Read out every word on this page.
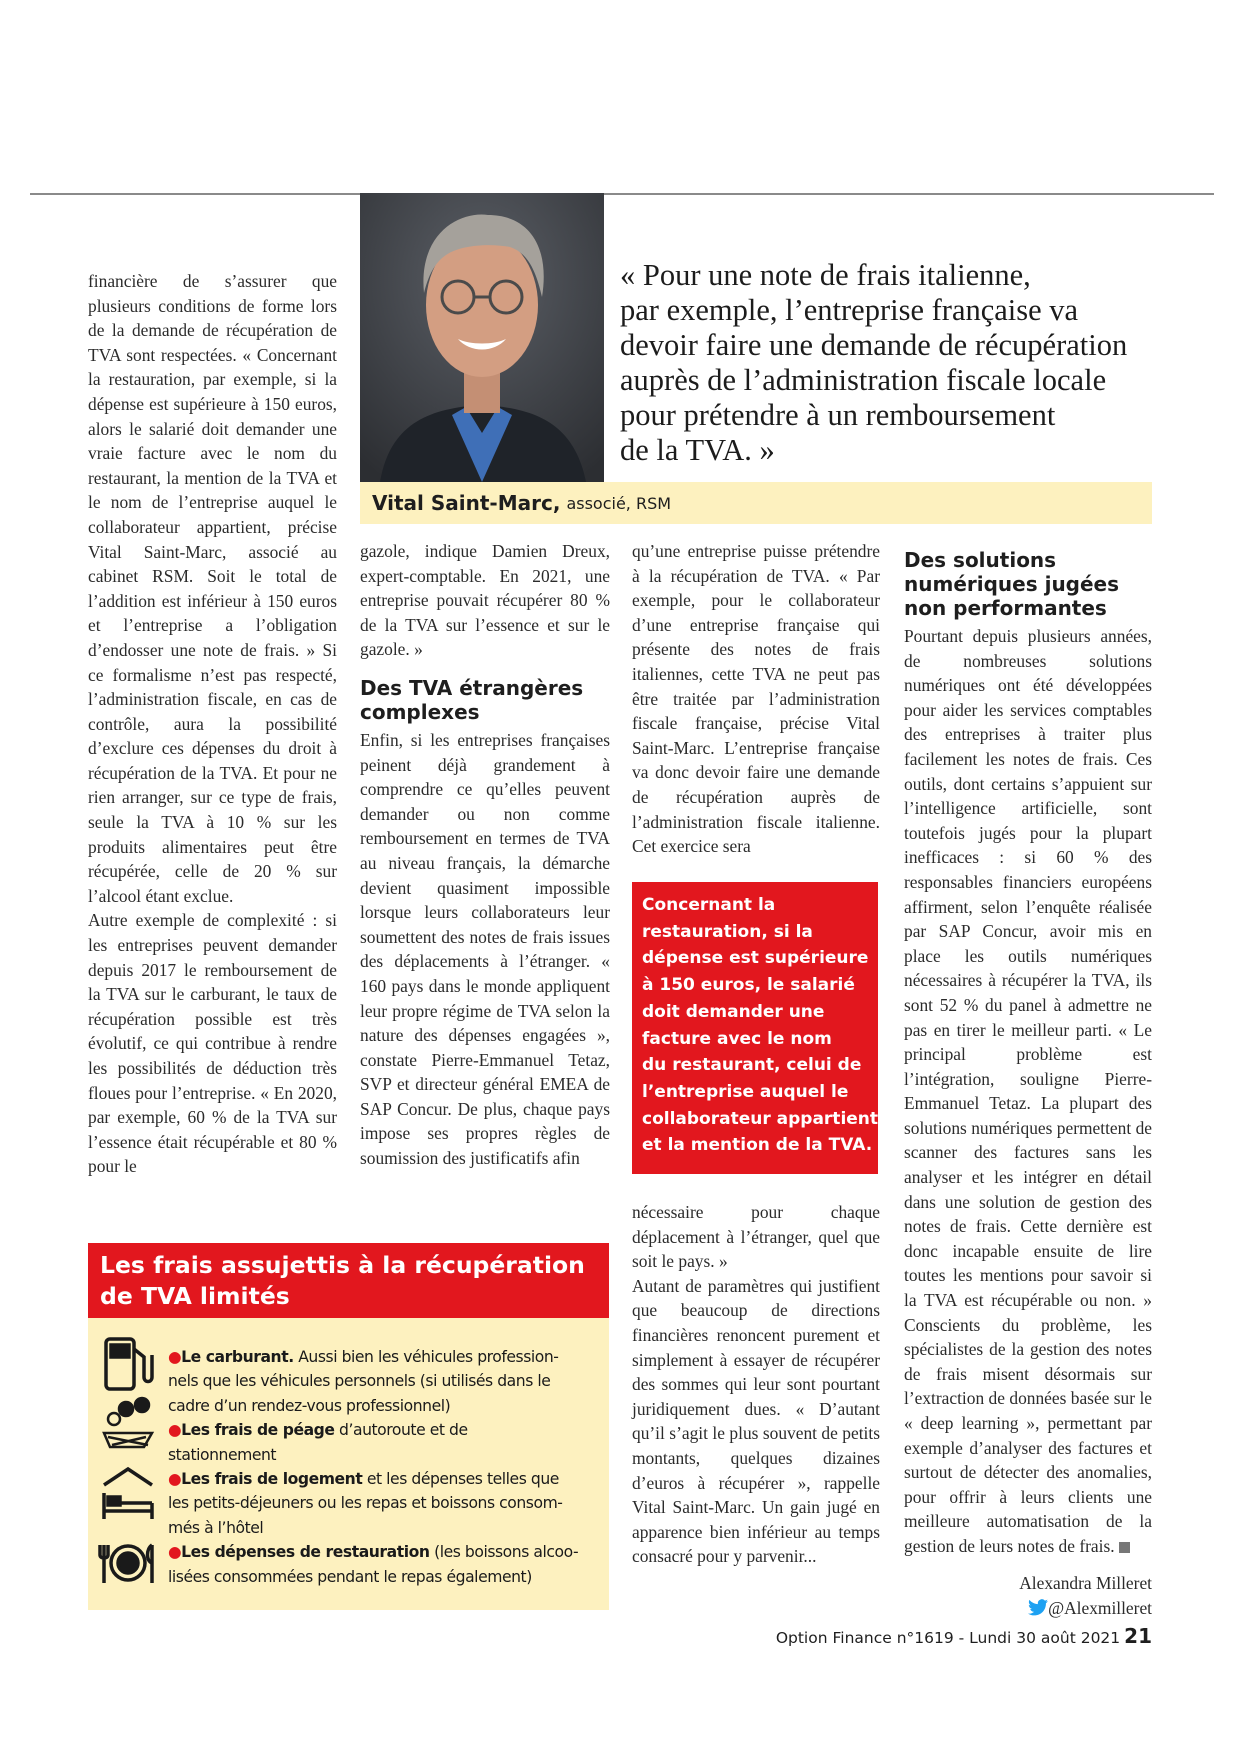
financière de s’assurer que plusieurs conditions de forme lors de la demande de récupération de TVA sont respectées. « Concernant la restauration, par exemple, si la dépense est supérieure à 150 euros, alors le salarié doit demander une vraie facture avec le nom du restaurant, la mention de la TVA et le nom de l’entreprise auquel le collaborateur appartient, précise Vital Saint-Marc, associé au cabinet RSM. Soit le total de l’addition est inférieur à 150 euros et l’entreprise a l’obligation d’endosser une note de frais. » Si ce formalisme n’est pas respecté, l’administration fiscale, en cas de contrôle, aura la possibilité d’exclure ces dépenses du droit à récupération de la TVA. Et pour ne rien arranger, sur ce type de frais, seule la TVA à 10 % sur les produits alimentaires peut être récupérée, celle de 20 % sur l’alcool étant exclue.

Autre exemple de complexité : si les entreprises peuvent demander depuis 2017 le remboursement de la TVA sur le carburant, le taux de récupération possible est très évolutif, ce qui contribue à rendre les possibilités de déduction très floues pour l’entreprise. « En 2020, par exemple, 60 % de la TVA sur l’essence était récupérable et 80 % pour le

« Pour une note de frais italienne,
par exemple, l’entreprise française va
devoir faire une demande de récupération
auprès de l’administration fiscale locale
pour prétendre à un remboursement
de la TVA. »
Vital Saint-Marc, associé, RSM

gazole, indique Damien Dreux, expert-comptable. En 2021, une entreprise pouvait récupérer 80 % de la TVA sur l’essence et sur le gazole. »

Des TVA étrangères complexes

Enfin, si les entreprises françaises peinent déjà grandement à comprendre ce qu’elles peuvent demander ou non comme remboursement en termes de TVA au niveau français, la démarche devient quasiment impossible lorsque leurs collaborateurs leur soumettent des notes de frais issues des déplacements à l’étranger. « 160 pays dans le monde appliquent leur propre régime de TVA selon la nature des dépenses engagées », constate Pierre-Emmanuel Tetaz, SVP et directeur général EMEA de SAP Concur. De plus, chaque pays impose ses propres règles de soumission des justificatifs afin

qu’une entreprise puisse prétendre à la récupération de TVA. « Par exemple, pour le collaborateur d’une entreprise française qui présente des notes de frais italiennes, cette TVA ne peut pas être traitée par l’administration fiscale française, précise Vital Saint-Marc. L’entreprise française va donc devoir faire une demande de récupération auprès de l’administration fiscale italienne. Cet exercice sera

Concernant la
restauration, si la
dépense est supérieure
à 150 euros, le salarié
doit demander une
facture avec le nom
du restaurant, celui de
l’entreprise auquel le
collaborateur appartient
et la mention de la TVA.

nécessaire pour chaque déplacement à l’étranger, quel que soit le pays. »

Autant de paramètres qui justifient que beaucoup de directions financières renoncent purement et simplement à essayer de récupérer des sommes qui leur sont pourtant juridiquement dues. « D’autant qu’il s’agit le plus souvent de petits montants, quelques dizaines d’euros à récupérer », rappelle Vital Saint-Marc. Un gain jugé en apparence bien inférieur au temps consacré pour y parvenir...

Des solutions numériques jugées non performantes

Pourtant depuis plusieurs années, de nombreuses solutions numériques ont été développées pour aider les services comptables des entreprises à traiter plus facilement les notes de frais. Ces outils, dont certains s’appuient sur l’intelligence artificielle, sont toutefois jugés pour la plupart inefficaces : si 60 % des responsables financiers européens affirment, selon l’enquête réalisée par SAP Concur, avoir mis en place les outils numériques nécessaires à récupérer la TVA, ils sont 52 % du panel à admettre ne pas en tirer le meilleur parti. « Le principal problème est l’intégration, souligne Pierre-Emmanuel Tetaz. La plupart des solutions numériques permettent de scanner des factures sans les analyser et les intégrer en détail dans une solution de gestion des notes de frais. Cette dernière est donc incapable ensuite de lire toutes les mentions pour savoir si la TVA est récupérable ou non. » Conscients du problème, les spécialistes de la gestion des notes de frais misent désormais sur l’extraction de données basée sur le « deep learning », permettant par exemple d’analyser des factures et surtout de détecter des anomalies, pour offrir à leurs clients une meilleure automatisation de la gestion de leurs notes de frais.

Alexandra Milleret
@Alexmilleret
Les frais assujettis à la récupération
de TVA limités
●Le carburant. Aussi bien les véhicules profession-
nels que les véhicules personnels (si utilisés dans le
cadre d’un rendez-vous professionnel)
●Les frais de péage d’autoroute et de
stationnement
●Les frais de logement et les dépenses telles que
les petits-déjeuners ou les repas et boissons consom-
més à l’hôtel
●Les dépenses de restauration (les boissons alcoo-
lisées consommées pendant le repas également)
Option Finance n°1619 - Lundi 30 août 2021 21
